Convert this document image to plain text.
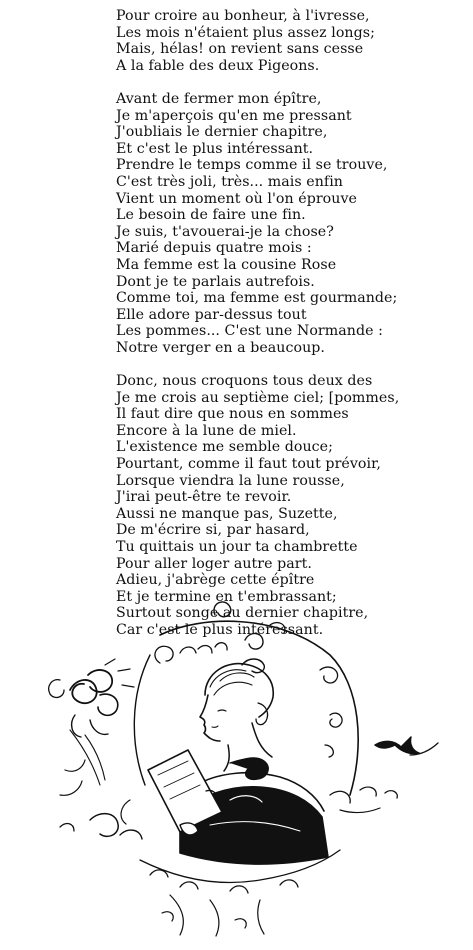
Pour croire au bonheur, à l'ivresse,
Les mois n'étaient plus assez longs;
Mais, hélas! on revient sans cesse
A la fable des deux Pigeons.
Avant de fermer mon épître,
Je m'aperçois qu'en me pressant
J'oubliais le dernier chapitre,
Et c'est le plus intéressant.
Prendre le temps comme il se trouve,
C'est très joli, très... mais enfin
Vient un moment où l'on éprouve
Le besoin de faire une fin.
Je suis, t'avouerai-je la chose?
Marié depuis quatre mois :
Ma femme est la cousine Rose
Dont je te parlais autrefois.
Comme toi, ma femme est gourmande;
Elle adore par-dessus tout
Les pommes... C'est une Normande :
Notre verger en a beaucoup.
Donc, nous croquons tous deux des
Je me crois au septième ciel; [pommes,
Il faut dire que nous en sommes
Encore à la lune de miel.
L'existence me semble douce;
Pourtant, comme il faut tout prévoir,
Lorsque viendra la lune rousse,
J'irai peut-être te revoir.
Aussi ne manque pas, Suzette,
De m'écrire si, par hasard,
Tu quittais un jour ta chambrette
Pour aller loger autre part.
Adieu, j'abrège cette épître
Et je termine en t'embrassant;
Surtout songe au dernier chapitre,
Car c'est le plus intéressant.
